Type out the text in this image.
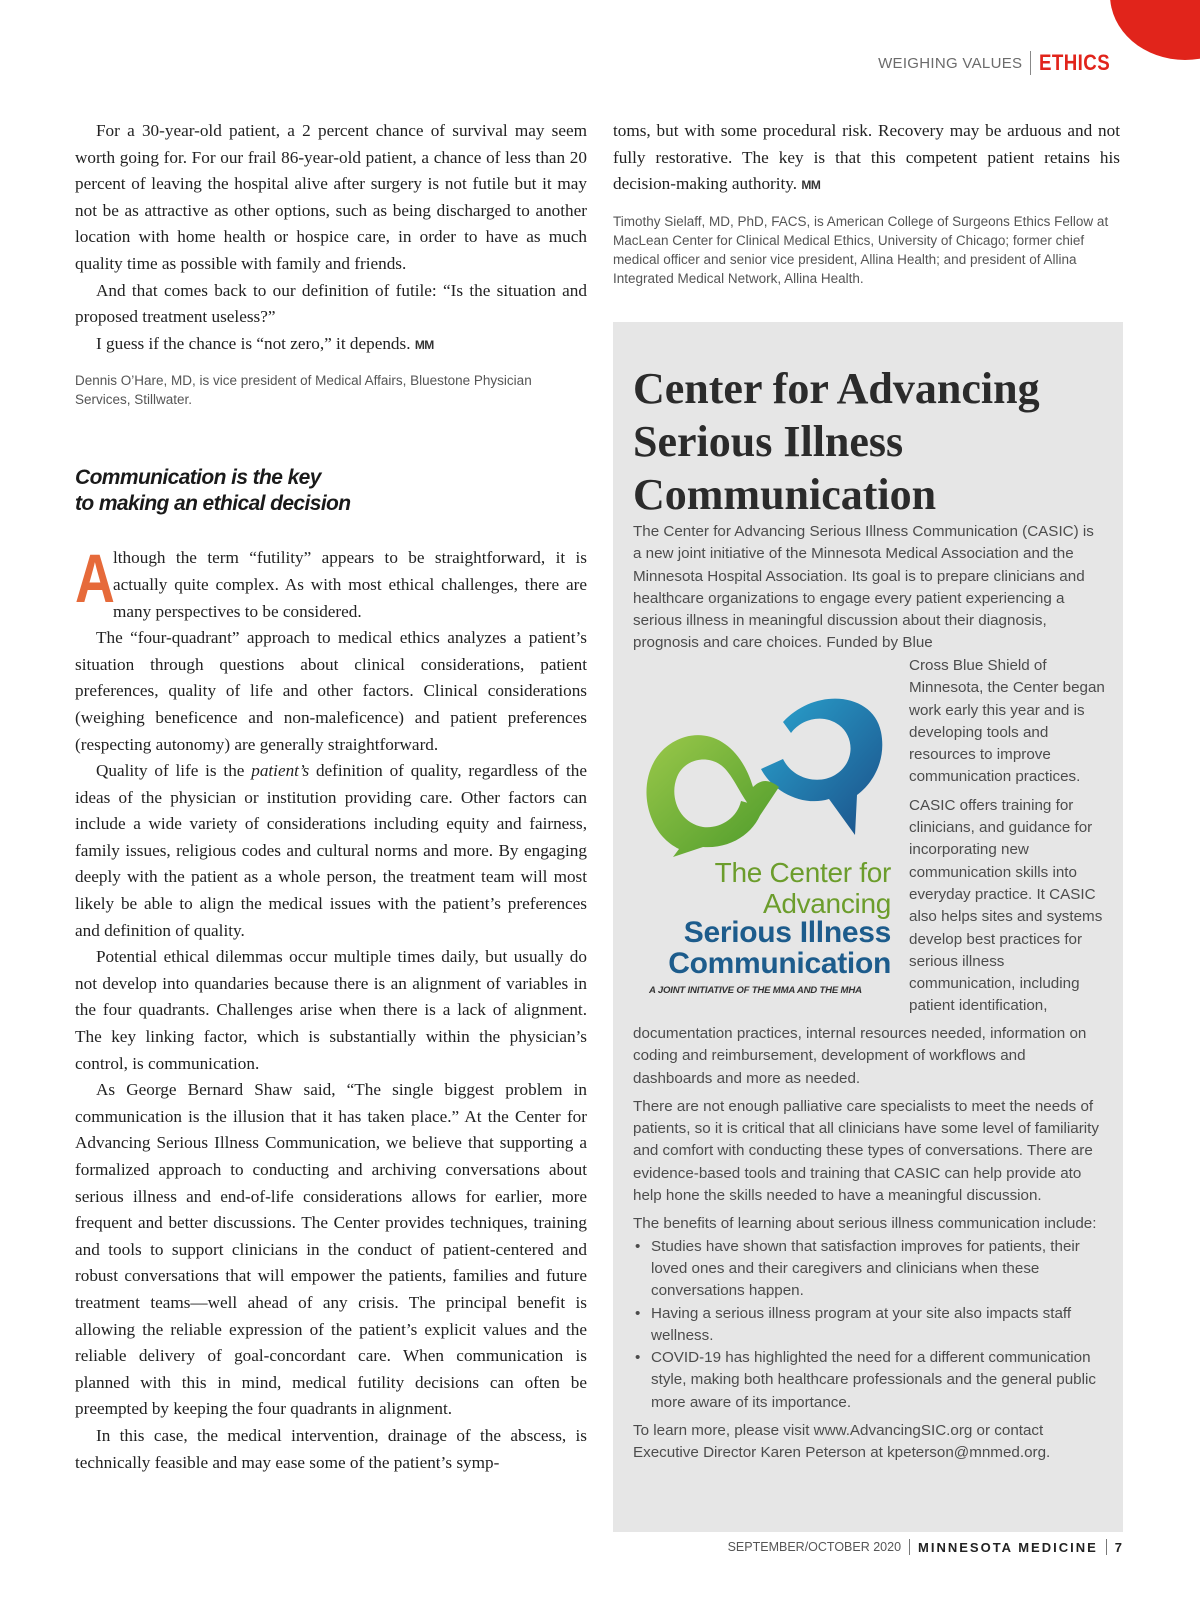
WEIGHING VALUES ETHICS

For a 30-year-old patient, a 2 percent chance of survival may seem worth going for. For our frail 86-year-old patient, a chance of less than 20 percent of leaving the hospital alive after surgery is not futile but it may not be as attractive as other options, such as being discharged to another location with home health or hospice care, in order to have as much quality time as possible with family and friends.

And that comes back to our definition of futile: “Is the situation and proposed treatment useless?”

I guess if the chance is “not zero,” it depends. MM

Dennis O’Hare, MD, is vice president of Medical Affairs, Bluestone Physician Services, Stillwater.

Communication is the key
to making an ethical decision

A
lthough the term “futility” appears to be straightforward, it is actually quite complex. As with most ethical challenges, there are many perspectives to be considered.

The “four-quadrant” approach to medical ethics analyzes a patient’s situation through questions about clinical considerations, patient preferences, quality of life and other factors. Clinical considerations (weighing beneficence and non-maleficence) and patient preferences (respecting autonomy) are generally straightforward.

Quality of life is the patient’s definition of quality, regardless of the ideas of the physician or institution providing care. Other factors can include a wide variety of considerations including equity and fairness, family issues, religious codes and cultural norms and more. By engaging deeply with the patient as a whole person, the treatment team will most likely be able to align the medical issues with the patient’s preferences and definition of quality.

Potential ethical dilemmas occur multiple times daily, but usually do not develop into quandaries because there is an alignment of variables in the four quadrants. Challenges arise when there is a lack of alignment. The key linking factor, which is substantially within the physician’s control, is communication.

As George Bernard Shaw said, “The single biggest problem in communication is the illusion that it has taken place.” At the Center for Advancing Serious Illness Communication, we believe that supporting a formalized approach to conducting and archiving conversations about serious illness and end-of-life considerations allows for earlier, more frequent and better discussions. The Center provides techniques, training and tools to support clinicians in the conduct of patient-centered and robust conversations that will empower the patients, families and future treatment teams—well ahead of any crisis. The principal benefit is allowing the reliable expression of the patient’s explicit values and the reliable delivery of goal-concordant care. When communication is planned with this in mind, medical futility decisions can often be preempted by keeping the four quadrants in alignment.

In this case, the medical intervention, drainage of the abscess, is technically feasible and may ease some of the patient’s symp-

toms, but with some procedural risk. Recovery may be arduous and not fully restorative. The key is that this competent patient retains his decision-making authority. MM

Timothy Sielaff, MD, PhD, FACS, is American College of Surgeons Ethics Fellow at MacLean Center for Clinical Medical Ethics, University of Chicago; former chief medical officer and senior vice president, Allina Health; and president of Allina Integrated Medical Network, Allina Health.

Center for Advancing Serious Illness Communication

The Center for Advancing Serious Illness Communication (CASIC) is a new joint initiative of the Minnesota Medical Association and the Minnesota Hospital Association. Its goal is to prepare clinicians and healthcare organizations to engage every patient experiencing a serious illness in meaningful discussion about their diagnosis, prognosis and care choices. Funded by Blue

The Center for
Advancing
Serious Illness
Communication
A JOINT INITIATIVE OF THE MMA AND THE MHA

Cross Blue Shield of Minnesota, the Center began work early this year and is developing tools and resources to improve communication practices.

CASIC offers training for clinicians, and guidance for incorporating new communication skills into everyday practice. It CASIC also helps sites and systems develop best practices for serious illness communication, including patient identification,

documentation practices, internal resources needed, information on coding and reimbursement, development of workflows and dashboards and more as needed.

There are not enough palliative care specialists to meet the needs of patients, so it is critical that all clinicians have some level of familiarity and comfort with conducting these types of conversations. There are evidence-based tools and training that CASIC can help provide ato help hone the skills needed to have a meaningful discussion.

The benefits of learning about serious illness communication include:

• Studies have shown that satisfaction improves for patients, their loved ones and their caregivers and clinicians when these conversations happen.
• Having a serious illness program at your site also impacts staff wellness.
• COVID-19 has highlighted the need for a different communication style, making both healthcare professionals and the general public more aware of its importance.

To learn more, please visit www.AdvancingSIC.org or contact Executive Director Karen Peterson at kpeterson@mnmed.org.

SEPTEMBER/OCTOBER 2020 MINNESOTA MEDICINE 7
